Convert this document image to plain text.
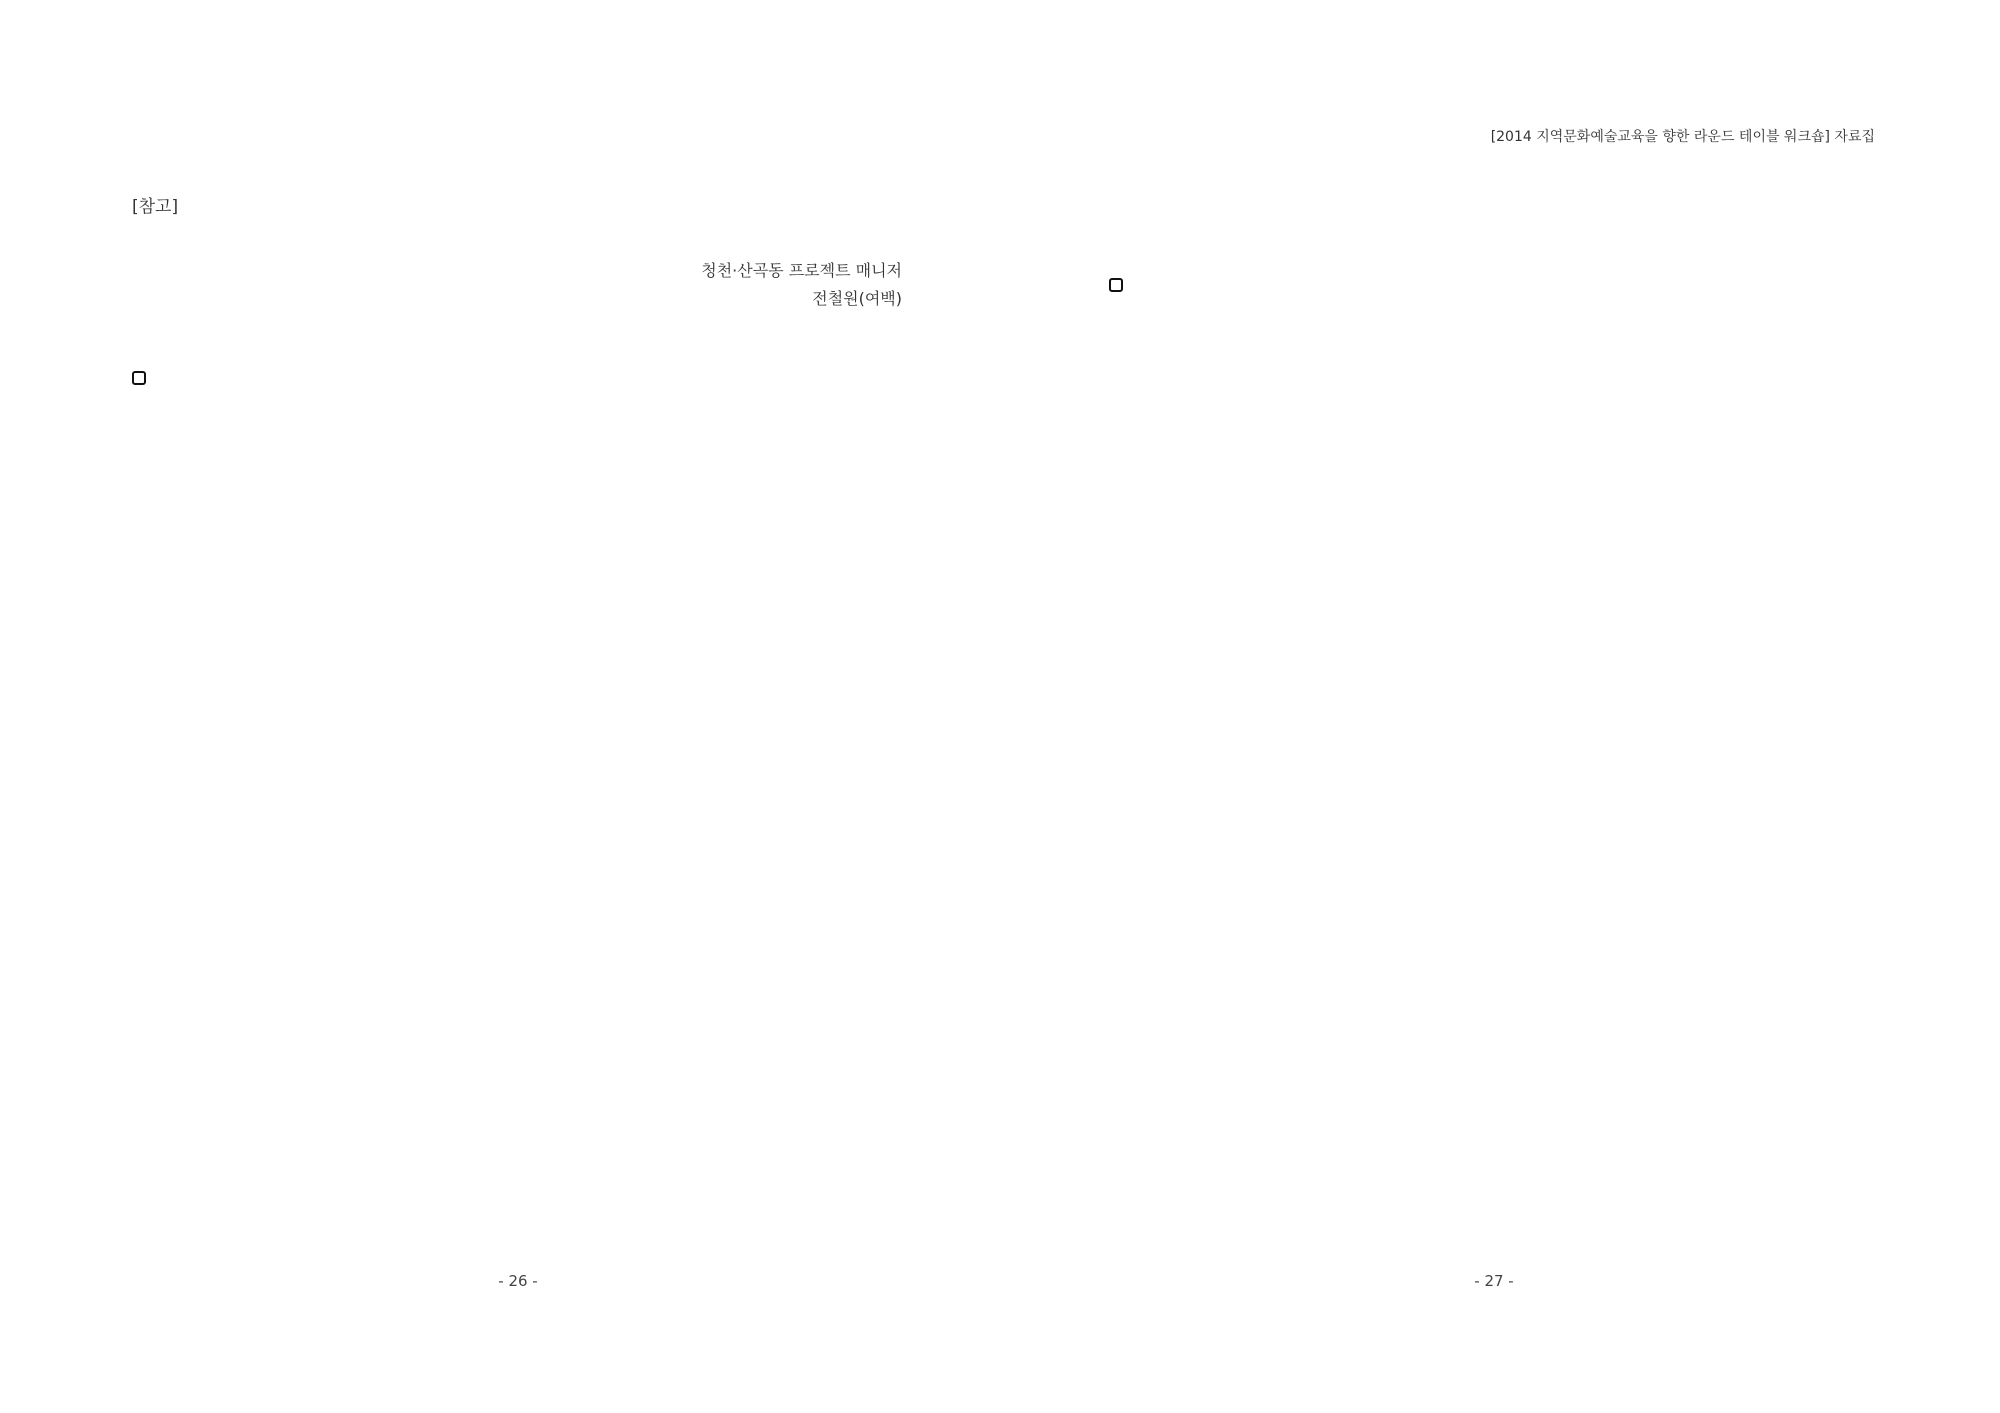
[참고]

청천·산곡동 프로젝트 매니저
전철원(여백)

- 26 -
[2014 지역문화예술교육을 향한 라운드 테이블 워크숍] 자료집

- 27 -
